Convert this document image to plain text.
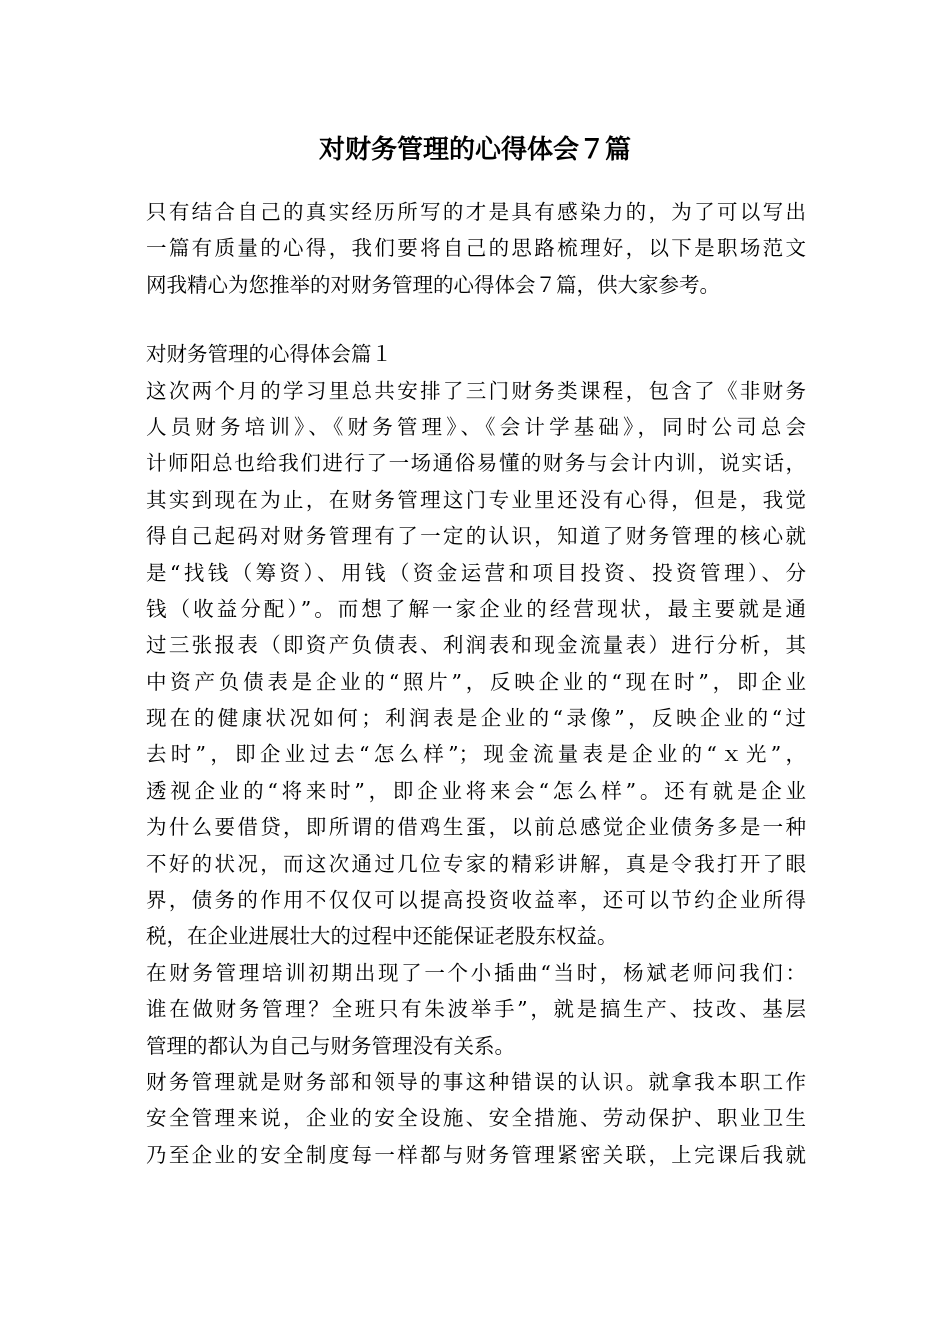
对财务管理的心得体会７篇
只有结合自己的真实经历所写的才是具有感染力的，为了可以写出
一篇有质量的心得，我们要将自己的思路梳理好，以下是职场范文
网我精心为您推举的对财务管理的心得体会７篇，供大家参考。
对财务管理的心得体会篇１
这次两个月的学习里总共安排了三门财务类课程，包含了《非财务
人员财务培训》、《财务管理》、《会计学基础》，同时公司总会
计师阳总也给我们进行了一场通俗易懂的财务与会计内训，说实话，
其实到现在为止，在财务管理这门专业里还没有心得，但是，我觉
得自己起码对财务管理有了一定的认识，知道了财务管理的核心就
是“找钱（筹资）、用钱（资金运营和项目投资、投资管理）、分
钱（收益分配）”。而想了解一家企业的经营现状，最主要就是通
过三张报表（即资产负债表、利润表和现金流量表）进行分析，其
中资产负债表是企业的“照片”，反映企业的“现在时”，即企业
现在的健康状况如何；利润表是企业的“录像”，反映企业的“过
去时”，即企业过去“怎么样”；现金流量表是企业的“ｘ光”，
透视企业的“将来时”，即企业将来会“怎么样”。还有就是企业
为什么要借贷，即所谓的借鸡生蛋，以前总感觉企业债务多是一种
不好的状况，而这次通过几位专家的精彩讲解，真是令我打开了眼
界，债务的作用不仅仅可以提高投资收益率，还可以节约企业所得
税，在企业进展壮大的过程中还能保证老股东权益。
在财务管理培训初期出现了一个小插曲“当时，杨斌老师问我们：
谁在做财务管理？全班只有朱波举手”，就是搞生产、技改、基层
管理的都认为自己与财务管理没有关系。
财务管理就是财务部和领导的事这种错误的认识。就拿我本职工作
安全管理来说，企业的安全设施、安全措施、劳动保护、职业卫生
乃至企业的安全制度每一样都与财务管理紧密关联，上完课后我就
